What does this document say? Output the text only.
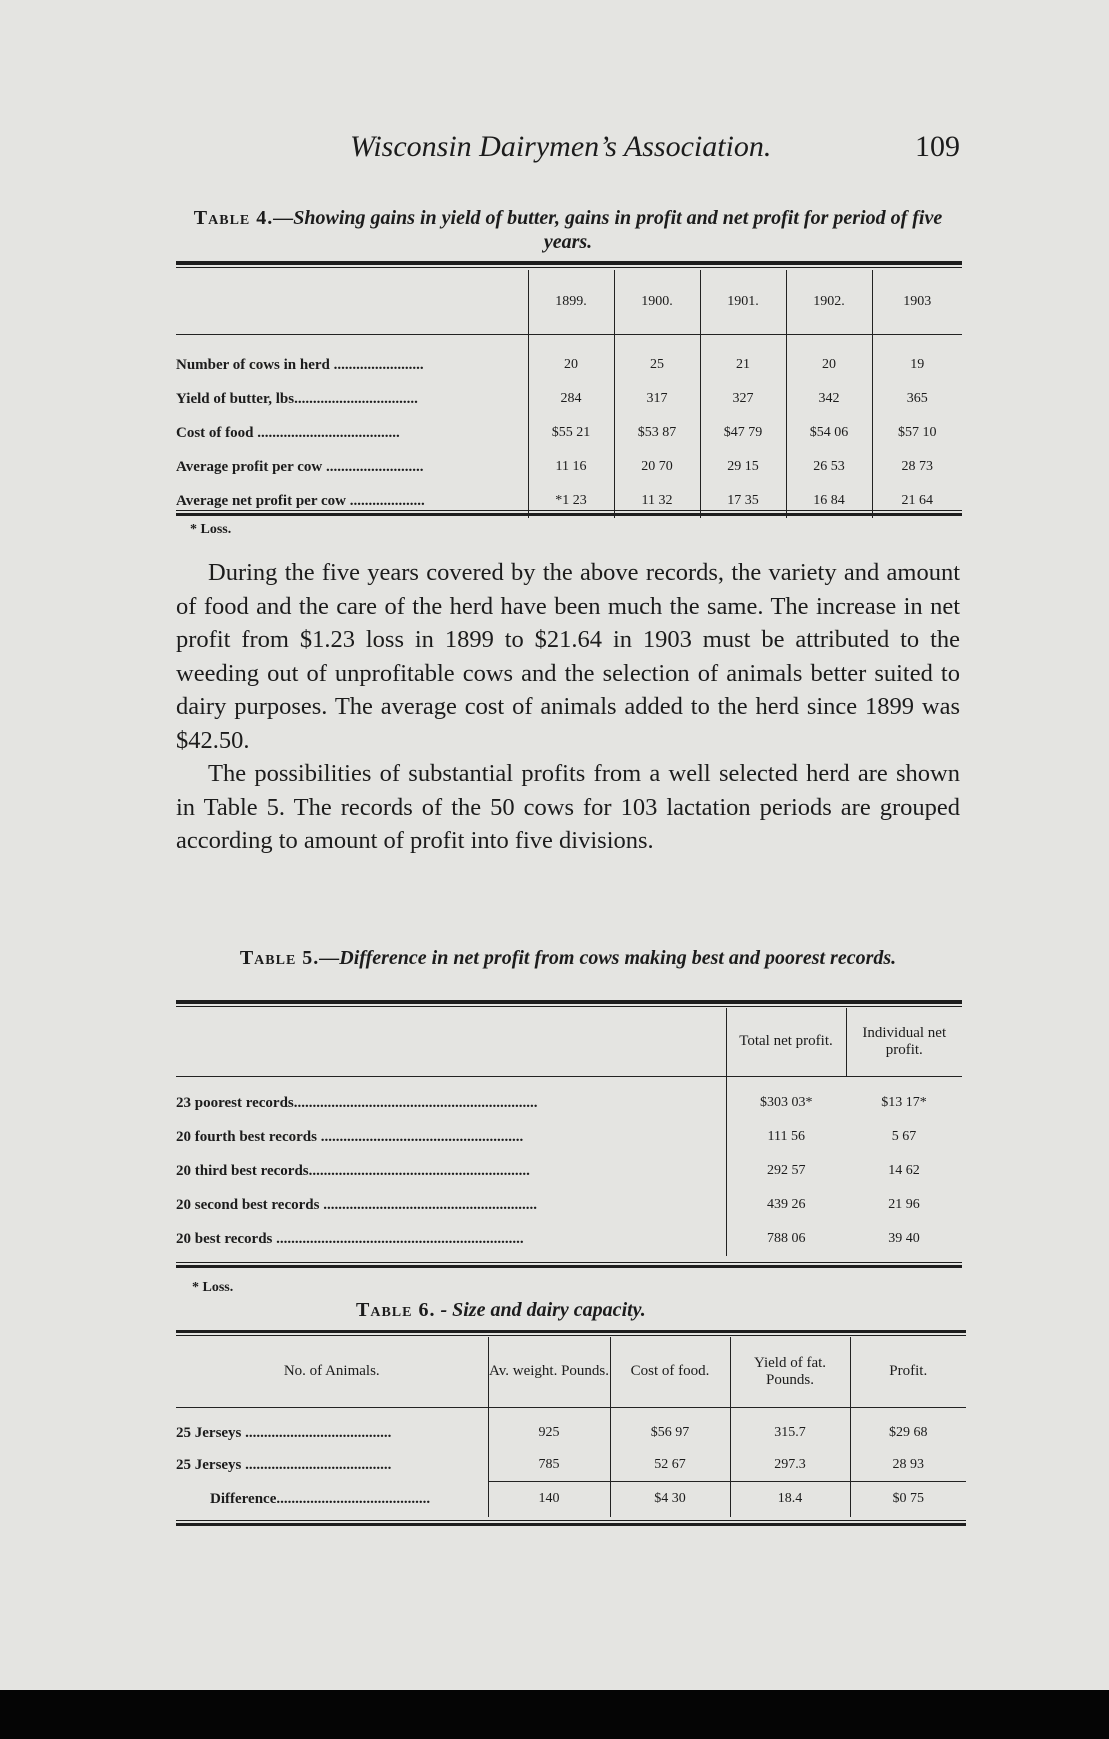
Wisconsin Dairymen’s Association.	109
Table 4.—Showing gains in yield of butter, gains in profit and net profit for period of five years.
	1899.	1900.	1901.	1902.	1903

Number of cows in herd ........................	20	25	21	20	19
Yield of butter, lbs.................................	284	317	327	342	365
Cost of food ......................................	$55 21	$53 87	$47 79	$54 06	$57 10
Average profit per cow ..........................	11 16	20 70	29 15	26 53	28 73
Average net profit per cow ....................	*1 23	11 32	17 35	16 84	21 64
* Loss.

During the five years covered by the above records, the variety and amount of food and the care of the herd have been much the same. The increase in net profit from $1.23 loss in 1899 to $21.64 in 1903 must be attributed to the weeding out of unprofitable cows and the selection of animals better suited to dairy purposes. The average cost of animals added to the herd since 1899 was $42.50.

The possibilities of substantial profits from a well selected herd are shown in Table 5. The records of the 50 cows for 103 lactation periods are grouped according to amount of profit into five divisions.

Table 5.—Difference in net profit from cows making best and poorest records.
	Total net profit.	Individual net profit.

23 poorest records.................................................................	$303 03*	$13 17*
20 fourth best records ......................................................	111 56	5 67
20 third best records...........................................................	292 57	14 62
20 second best records .........................................................	439 26	21 96
20 best records ..................................................................	788 06	39 40
* Loss.
Table 6. - Size and dairy capacity.
No. of Animals.	Av. weight. Pounds.	Cost of food.	Yield of fat. Pounds.	Profit.

25 Jerseys .......................................	925	$56 97	315.7	$29 68
25 Jerseys .......................................	785	52 67	297.3	28 93
Difference.........................................	140	$4 30	18.4	$0 75
